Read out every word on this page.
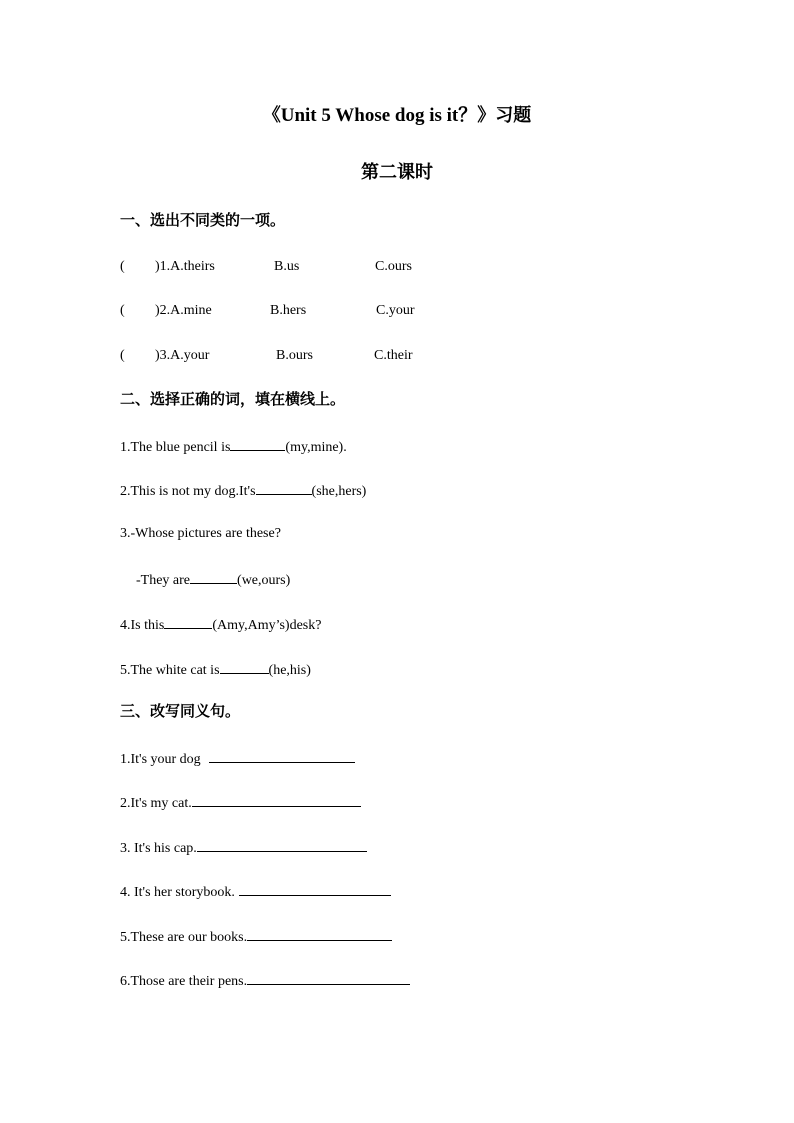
《Unit 5 Whose dog is it？》习题
第二课时
一、选出不同类的一项。
( )1.A.theirs	B.us	C.ours
( )2.A.mine	B.hers	C.your
( )3.A.your	B.ours	C.their
二、选择正确的词，填在横线上。
1.The blue pencil is	(my,mine).
2.This is not my dog.It's	(she,hers)
3.-Whose pictures are these?
-They are	(we,ours)
4.Is this	(Amy,Amy’s)desk?
5.The white cat is	(he,his)
三、改写同义句。
1.It's your dog
2.It's my cat.
3. It's his cap.
4. It's her storybook.
5.These are our books.
6.Those are their pens.
